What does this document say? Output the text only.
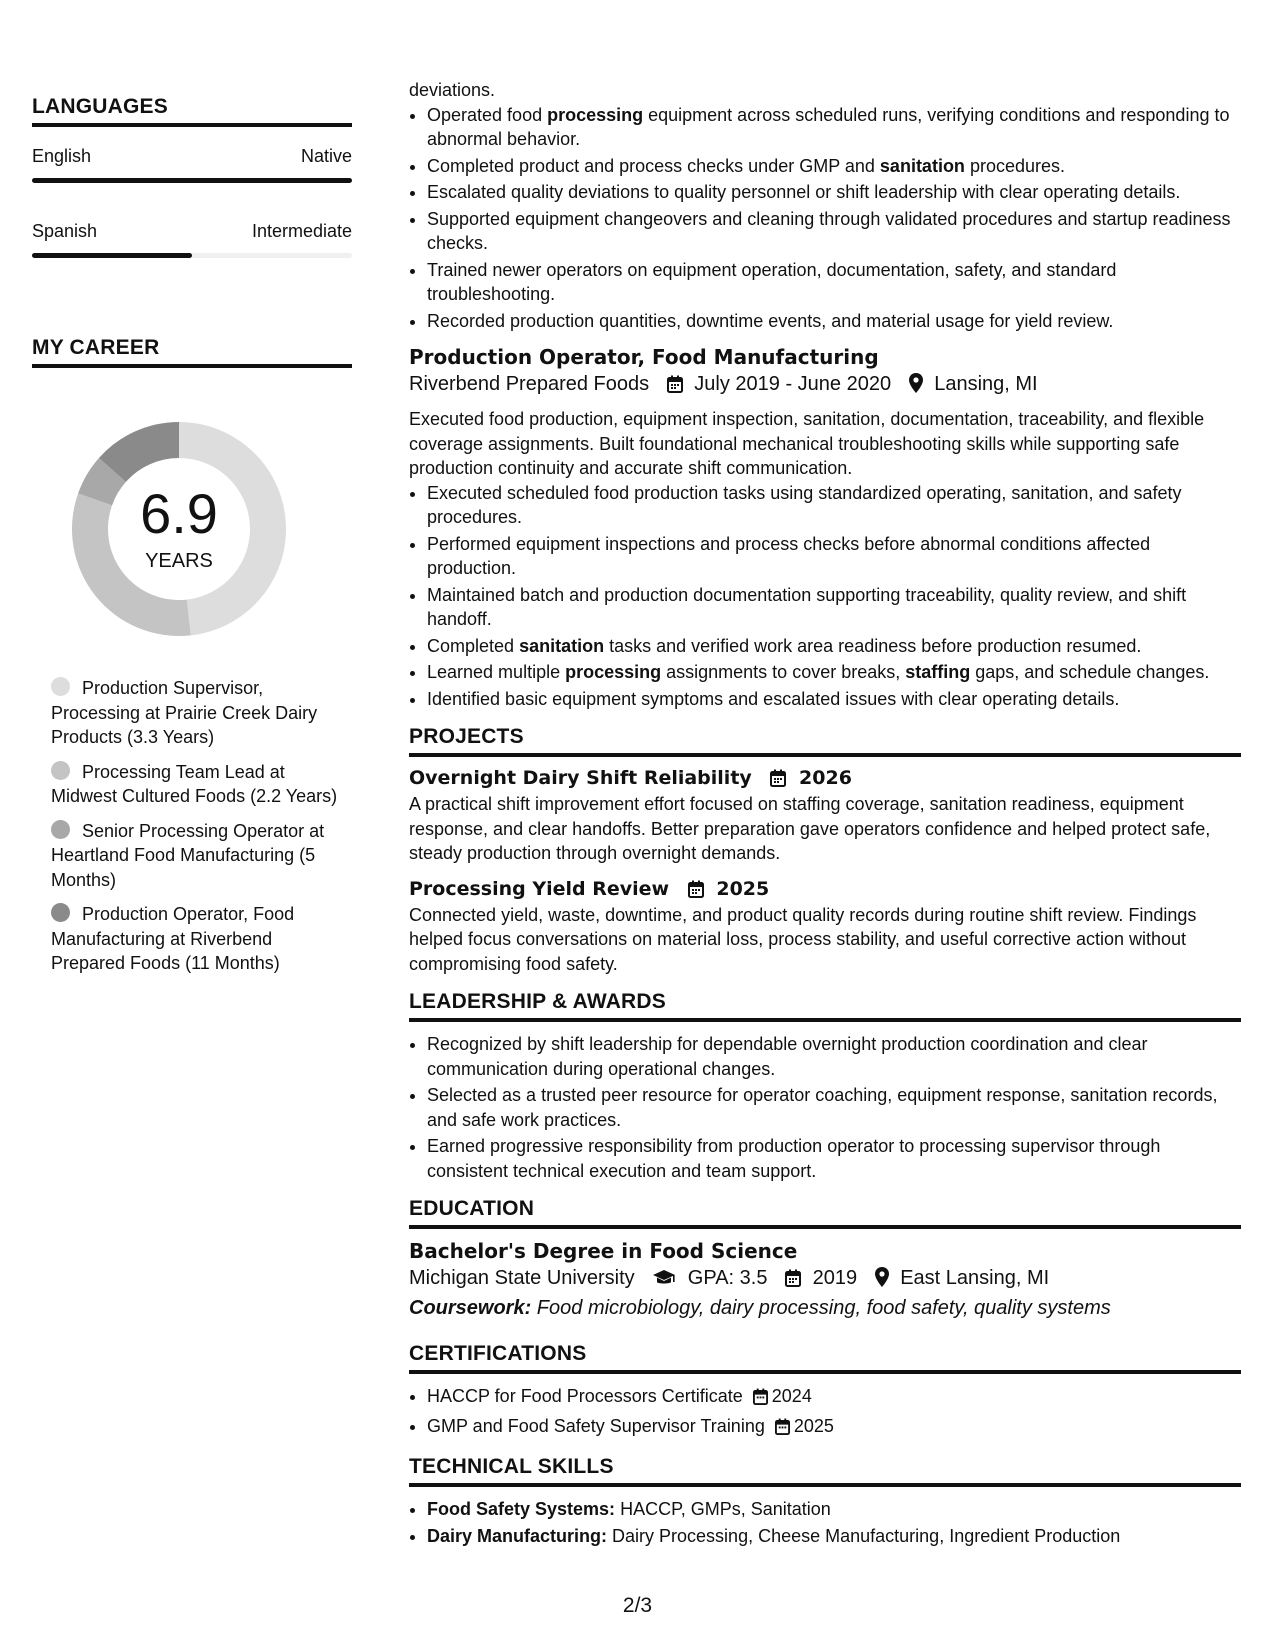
LANGUAGES
English	Native
Spanish	Intermediate
MY CAREER
6.9
YEARS
Production Supervisor, Processing at Prairie Creek Dairy Products (3.3 Years)
Processing Team Lead at Midwest Cultured Foods (2.2 Years)
Senior Processing Operator at Heartland Food Manufacturing (5 Months)
Production Operator, Food Manufacturing at Riverbend Prepared Foods (11 Months)

deviations.

• Operated food processing equipment across scheduled runs, verifying conditions and responding to abnormal behavior.
• Completed product and process checks under GMP and sanitation procedures.
• Escalated quality deviations to quality personnel or shift leadership with clear operating details.
• Supported equipment changeovers and cleaning through validated procedures and startup readiness checks.
• Trained newer operators on equipment operation, documentation, safety, and standard troubleshooting.
• Recorded production quantities, downtime events, and material usage for yield review.
Production Operator, Food Manufacturing
Riverbend Prepared Foods July 2019 - June 2020 Lansing, MI

Executed food production, equipment inspection, sanitation, documentation, traceability, and flexible coverage assignments. Built foundational mechanical troubleshooting skills while supporting safe production continuity and accurate shift communication.

• Executed scheduled food production tasks using standardized operating, sanitation, and safety procedures.
• Performed equipment inspections and process checks before abnormal conditions affected production.
• Maintained batch and production documentation supporting traceability, quality review, and shift handoff.
• Completed sanitation tasks and verified work area readiness before production resumed.
• Learned multiple processing assignments to cover breaks, staffing gaps, and schedule changes.
• Identified basic equipment symptoms and escalated issues with clear operating details.
PROJECTS
Overnight Dairy Shift Reliability 2026

A practical shift improvement effort focused on staffing coverage, sanitation readiness, equipment response, and clear handoffs. Better preparation gave operators confidence and helped protect safe, steady production through overnight demands.

Processing Yield Review 2025

Connected yield, waste, downtime, and product quality records during routine shift review. Findings helped focus conversations on material loss, process stability, and useful corrective action without compromising food safety.

LEADERSHIP & AWARDS
• Recognized by shift leadership for dependable overnight production coordination and clear communication during operational changes.
• Selected as a trusted peer resource for operator coaching, equipment response, sanitation records, and safe work practices.
• Earned progressive responsibility from production operator to processing supervisor through consistent technical execution and team support.
EDUCATION
Bachelor's Degree in Food Science
Michigan State University	GPA: 3.5 2019 East Lansing, MI
Coursework: Food microbiology, dairy processing, food safety, quality systems
CERTIFICATIONS
• HACCP for Food Processors Certificate 2024
• GMP and Food Safety Supervisor Training 2025
TECHNICAL SKILLS
• Food Safety Systems: HACCP, GMPs, Sanitation
• Dairy Manufacturing: Dairy Processing, Cheese Manufacturing, Ingredient Production
2/3
